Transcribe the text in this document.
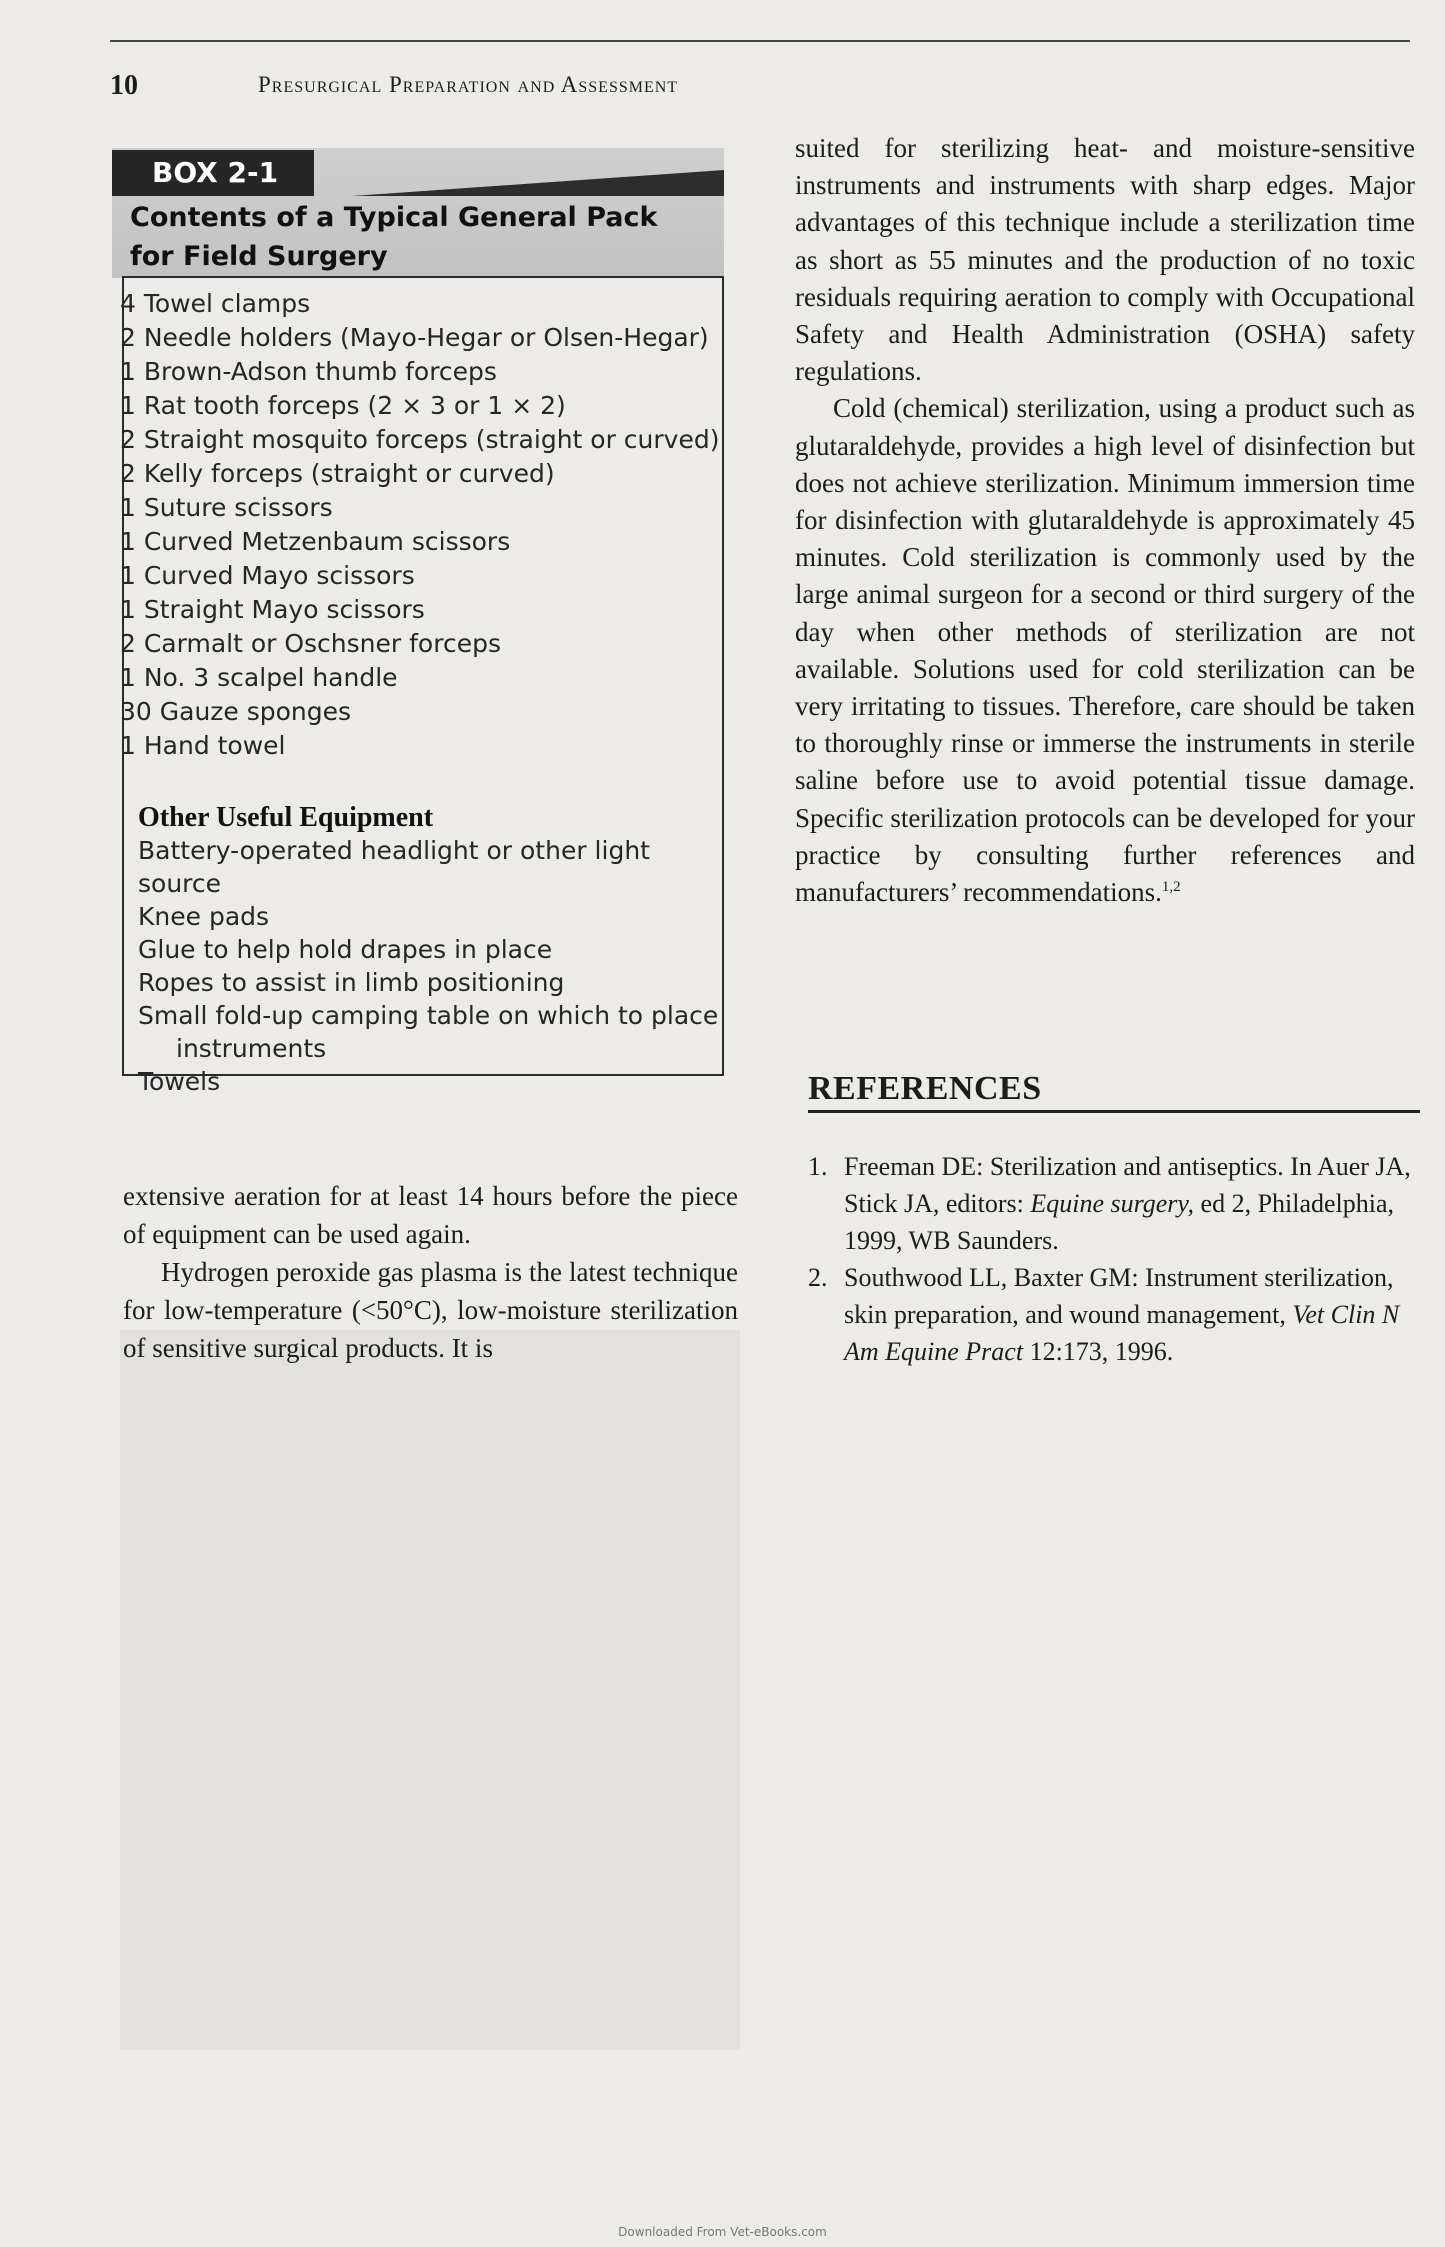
10	Presurgical Preparation and Assessment
BOX 2-1
Contents of a Typical General Pack
for Field Surgery
4 Towel clamps
2 Needle holders (Mayo-Hegar or Olsen-Hegar)
1 Brown-Adson thumb forceps
1 Rat tooth forceps (2 × 3 or 1 × 2)
2 Straight mosquito forceps (straight or curved)
2 Kelly forceps (straight or curved)
1 Suture scissors
1 Curved Metzenbaum scissors
1 Curved Mayo scissors
1 Straight Mayo scissors
2 Carmalt or Oschsner forceps
1 No. 3 scalpel handle
30 Gauze sponges
1 Hand towel
Other Useful Equipment
Battery-operated headlight or other light source
Knee pads
Glue to help hold drapes in place
Ropes to assist in limb positioning
Small fold-up camping table on which to place
instruments
Towels

extensive aeration for at least 14 hours before the piece of equipment can be used again.

Hydrogen peroxide gas plasma is the latest technique for low-temperature (<50°C), low-moisture sterilization of sensitive surgical products. It is

suited for sterilizing heat- and moisture-sensitive instruments and instruments with sharp edges. Major advantages of this technique include a sterilization time as short as 55 minutes and the production of no toxic residuals requiring aeration to comply with Occupational Safety and Health Administration (OSHA) safety regulations.

Cold (chemical) sterilization, using a product such as glutaraldehyde, provides a high level of disinfection but does not achieve sterilization. Minimum immersion time for disinfection with glutaraldehyde is approximately 45 minutes. Cold sterilization is commonly used by the large animal surgeon for a second or third surgery of the day when other methods of sterilization are not available. Solutions used for cold sterilization can be very irritating to tissues. Therefore, care should be taken to thoroughly rinse or immerse the instruments in sterile saline before use to avoid potential tissue damage. Specific sterilization protocols can be developed for your practice by consulting further references and manufacturers’ recommendations.$^{1,2}$

REFERENCES
1. Freeman DE: Sterilization and antiseptics. In Auer JA, Stick JA, editors: Equine surgery, ed 2, Philadelphia, 1999, WB Saunders.
2. Southwood LL, Baxter GM: Instrument sterilization, skin preparation, and wound management, Vet Clin N Am Equine Pract 12:173, 1996.
Downloaded From Vet-eBooks.com
